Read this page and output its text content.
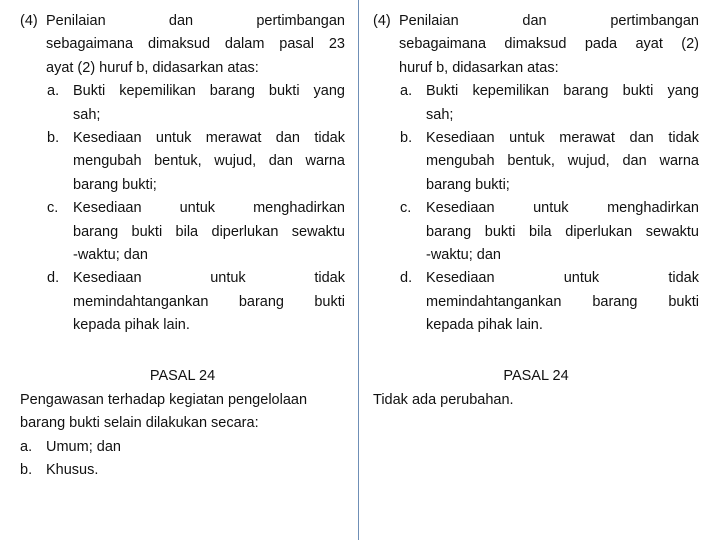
(4) Penilaian dan pertimbangan
sebagaimana dimaksud dalam pasal 23
ayat (2) huruf b, didasarkan atas:
a. Bukti kepemilikan barang bukti yang
sah;
b. Kesediaan untuk merawat dan tidak
mengubah bentuk, wujud, dan warna
barang bukti;
c. Kesediaan untuk menghadirkan
barang bukti bila diperlukan sewaktu
-waktu; dan
d. Kesediaan untuk tidak
memindahtangankan barang bukti
kepada pihak lain.
PASAL 24
Pengawasan terhadap kegiatan pengelolaan
barang bukti selain dilakukan secara:
a. Umum; dan
b. Khusus.
(4) Penilaian dan pertimbangan
sebagaimana dimaksud pada ayat (2)
huruf b, didasarkan atas:
a. Bukti kepemilikan barang bukti yang
sah;
b. Kesediaan untuk merawat dan tidak
mengubah bentuk, wujud, dan warna
barang bukti;
c. Kesediaan untuk menghadirkan
barang bukti bila diperlukan sewaktu
-waktu; dan
d. Kesediaan untuk tidak
memindahtangankan barang bukti
kepada pihak lain.
PASAL 24
Tidak ada perubahan.
